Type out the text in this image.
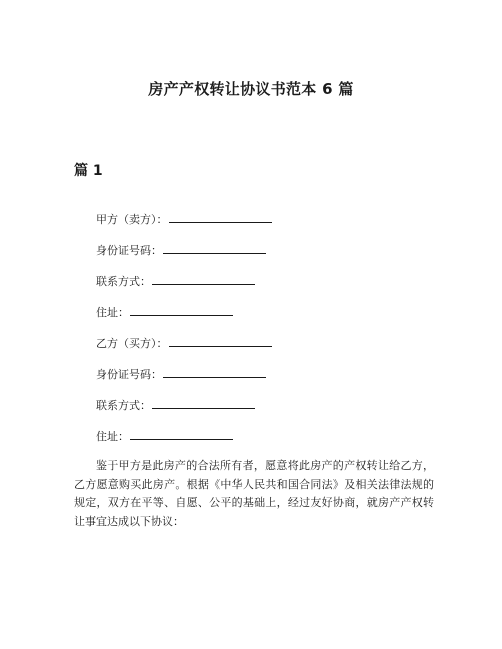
房产产权转让协议书范本 6 篇
篇 1
甲方（卖方）：
身份证号码：
联系方式：
住址：
乙方（买方）：
身份证号码：
联系方式：
住址：
鉴于甲方是此房产的合法所有者，愿意将此房产的产权转让给乙方，乙方愿意购买此房产。根据《中华人民共和国合同法》及相关法律法规的规定，双方在平等、自愿、公平的基础上，经过友好协商，就房产产权转让事宜达成以下协议：
